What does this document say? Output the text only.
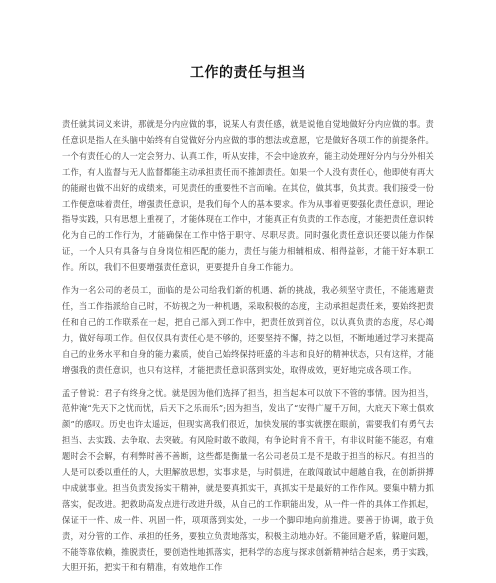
工作的责任与担当

责任就其词义来讲，那就是分内应做的事，说某人有责任感，就是说他自觉地做好分内应做的事。责任意识是指人在头脑中始终有自觉做好分内应做的事的想法或意愿，它是做好各项工作的前提条件。一个有责任心的人一定会努力、认真工作，听从安排，不会中途放弃，能主动处理好分内与分外相关工作，有人监督与无人监督都能主动承担责任而不推卸责任。如果一个人没有责任心，他即使有再大的能耐也做不出好的成绩来，可见责任的重要性不言而喻。在其位，做其事，负其责。我们接受一份工作便意味着责任，增强责任意识，是我们每个人的基本要求。作为从事着更要强化责任意识，理论指导实践，只有思想上重视了，才能体现在工作中，才能真正有负责的工作态度，才能把责任意识转化为自己的工作行为，才能确保在工作中恪于职守、尽职尽责。同时强化责任意识还要以能力作保证，一个人只有具备与自身岗位相匹配的能力，责任与能力相辅相成、相得益彰，才能干好本职工作。所以，我们不但要增强责任意识，更要提升自身工作能力。

作为一名公司的老员工，面临的是公司给我们新的机遇、新的挑战，我必须坚守责任，不能逃避责任，当工作指派给自己时，不妨视之为一种机遇，采取积极的态度，主动承担起责任来，要始终把责任和自己的工作联系在一起，把自己部入到工作中，把责任放到首位，以认真负责的态度，尽心竭力，做好每项工作。但仅仅具有责任心是不够的，还要坚持不懈，持之以恒，不断地通过学习来提高自己的业务水平和自身的能力素质，使自己始终保持旺盛的斗志和良好的精神状态，只有这样，才能增强我的责任意识，也只有这样，才能把责任意识落到实处，取得成效，更好地完成各项工作。

孟子曾说：君子有终身之忧。就是因为他们选择了担当，担当起本可以放下不管的事情。因为担当，范仲淹“先天下之忧而忧，后天下之乐而乐”;因为担当，发出了“安得广厦千万间，大庇天下寒士俱欢颜”的感叹。历史也许太遥远，但现实离我们很近，加快发展的事实就摆在眼前，需要我们有勇气去担当、去实践、去争取、去突破。有风险时敢不敢闯，有争论时肯不肯干，有非议时能不能忍，有难题时会不会解，有利弊时善不善断，这些都是衡量一名公司老员工是不是敢于担当的标尺。有担当的人是可以委以重任的人，大胆解放思想，实事求是，与时俱进，在敢闯敢试中超越自我，在创新拼搏中成就事业。担当负责发扬实干精神，就是要真抓实干，真抓实干是最好的工作作风。要集中精力抓落实，促改进。把救助高发点进行改进升级，从自己的工作职能出发，从一件一件的具体工作抓起，保证干一件、成一件、巩固一件，项项落到实处，一步一个脚印地向前推进。要善于协调，敢于负责，对分管的工作、承担的任务，要独立负责地落实，积极主动地办好。不能回避矛盾，躲避问题，不能等靠依赖，推脱责任，要创造性地抓落实，把科学的态度与探求创新精神结合起来，勇于实践，大胆开拓，把实干和有精准，有效地作工作
